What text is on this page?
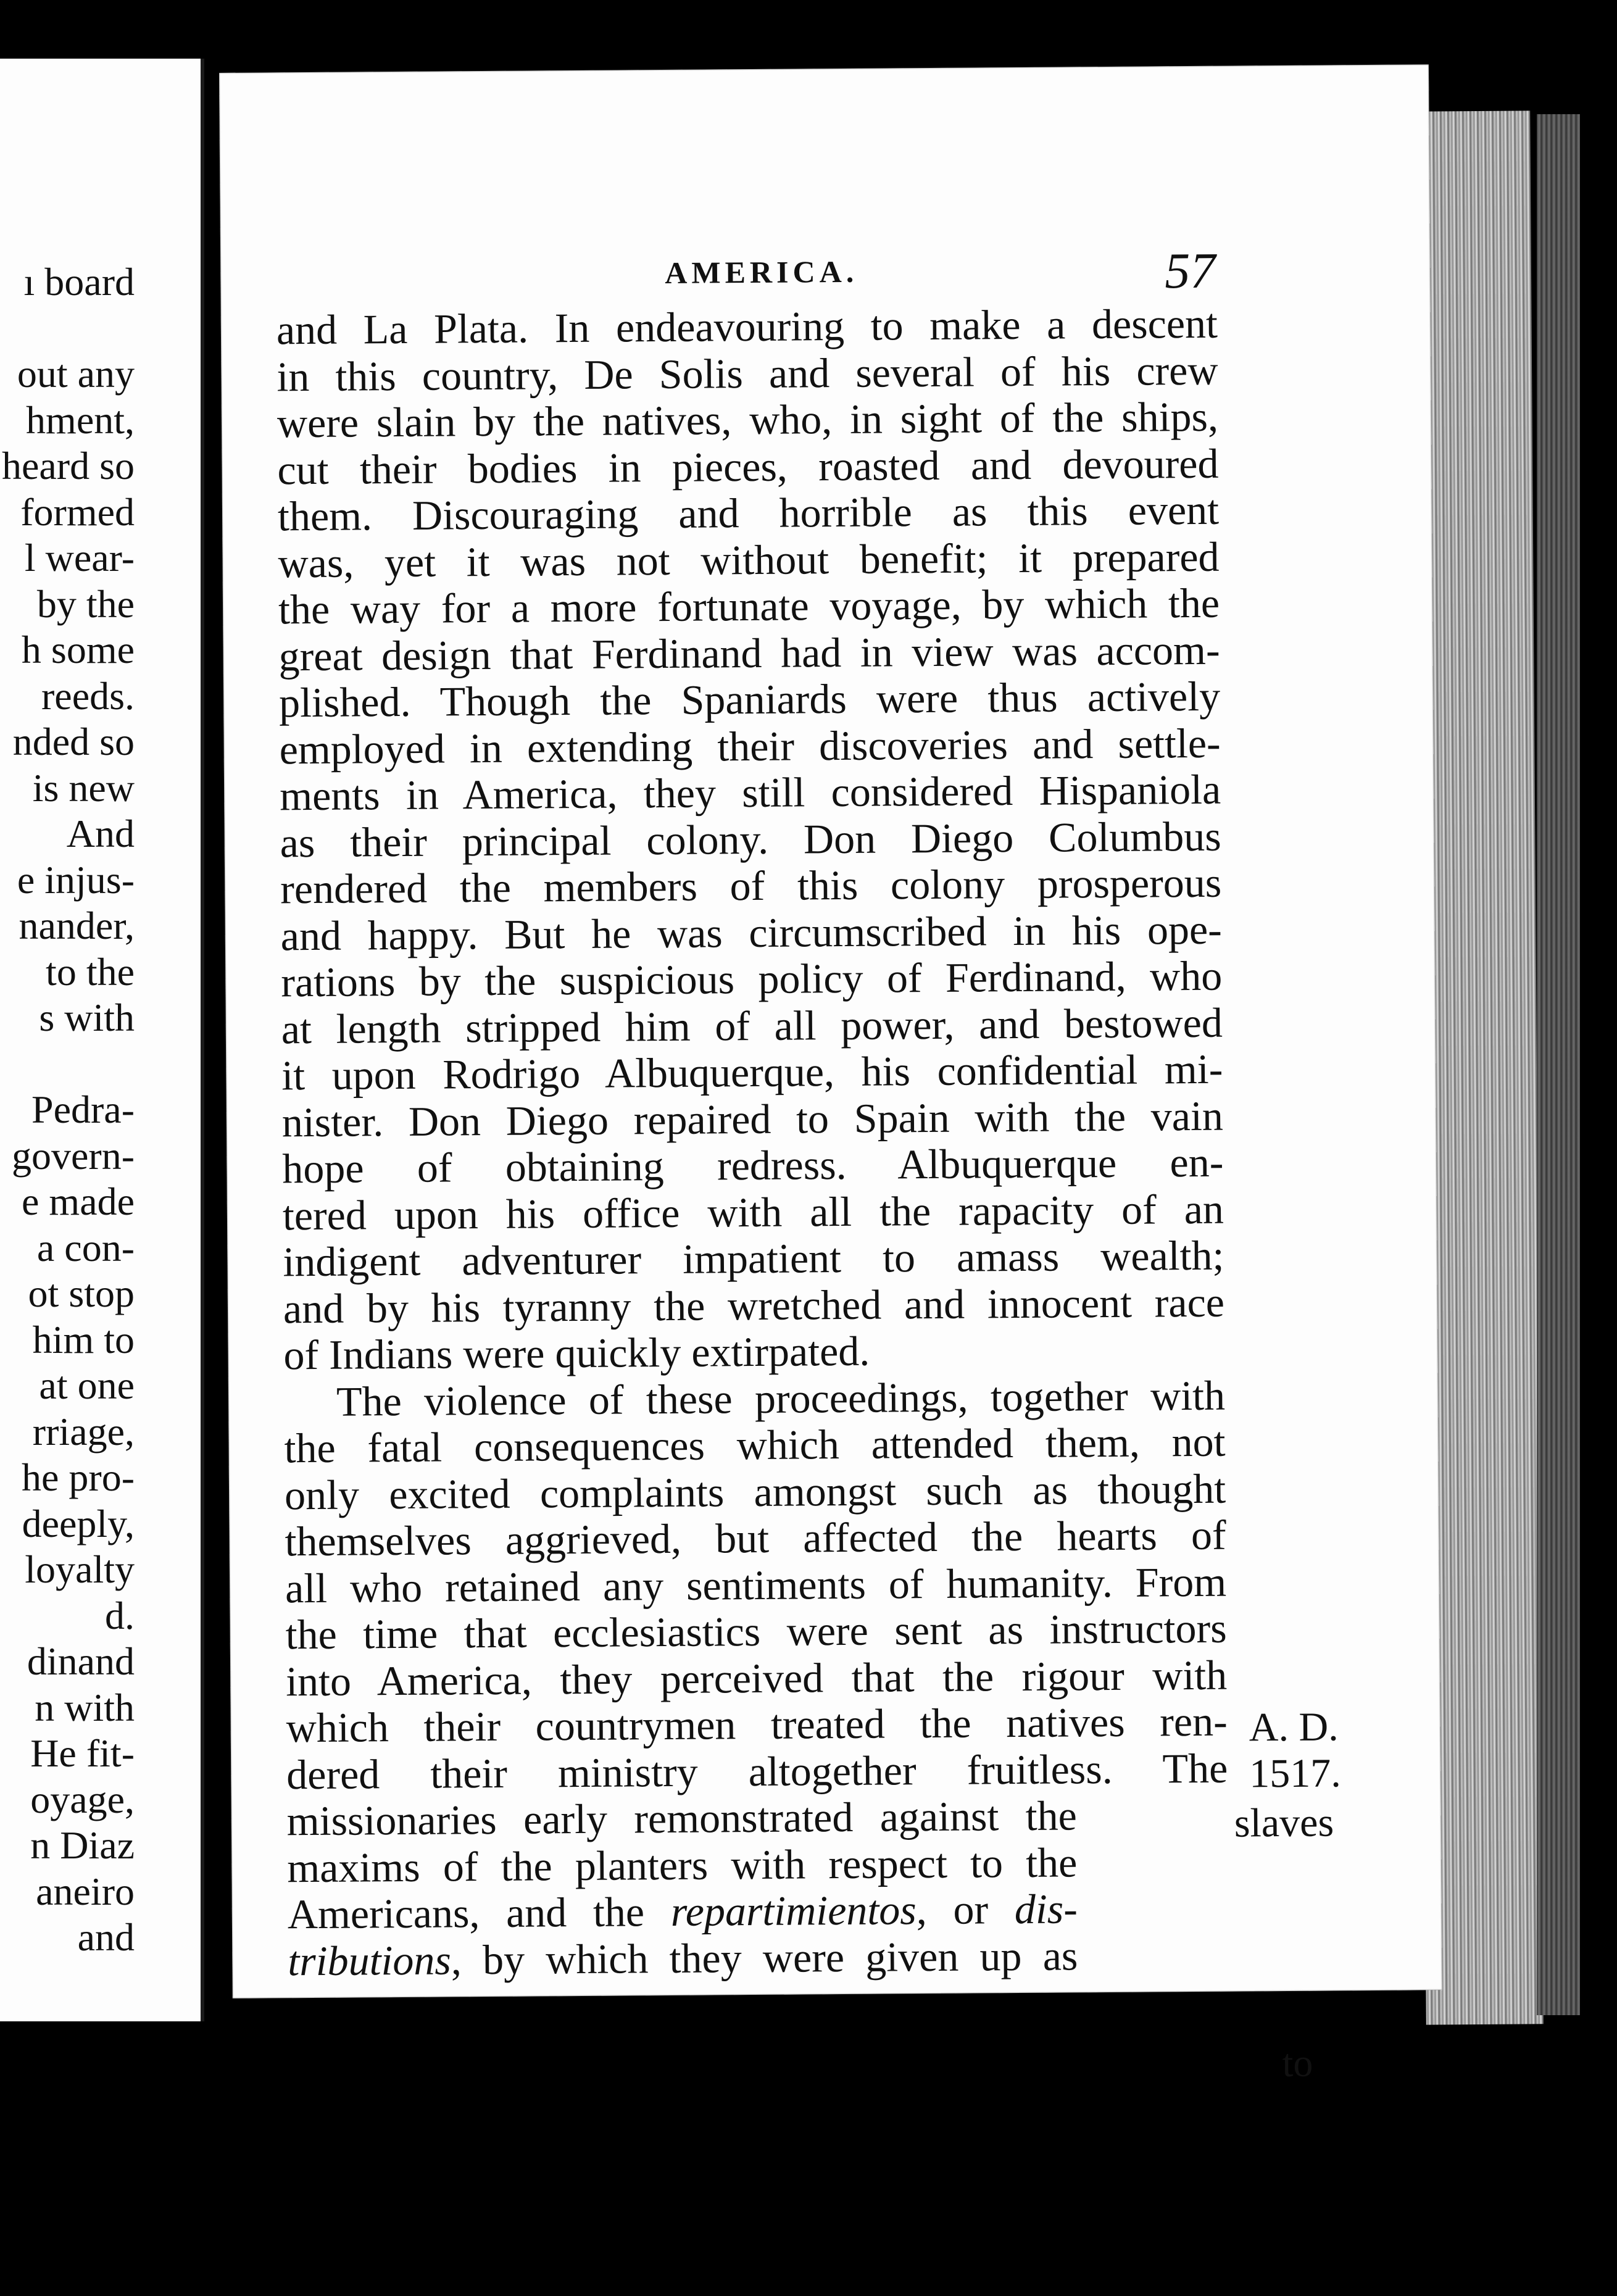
ı board
out any
hment,
heard so
formed
l wear-
by the
h some
reeds.
nded so
is new
And
e injus-
nander,
to the
s with
Pedra-
govern-
e made
a con-
ot stop
him to
at one
rriage,
he pro-
deeply,
loyalty
d.
dinand
n with
He fit-
oyage,
n Diaz
aneiro
and
AMERICA.	57
and La Plata. In endeavouring to make a descent
in this country, De Solis and several of his crew
were slain by the natives, who, in sight of the ships,
cut their bodies in pieces, roasted and devoured
them. Discouraging and horrible as this event
was, yet it was not without benefit; it prepared
the way for a more fortunate voyage, by which the
great design that Ferdinand had in view was accom-
plished. Though the Spaniards were thus actively
employed in extending their discoveries and settle-
ments in America, they still considered Hispaniola
as their principal colony. Don Diego Columbus
rendered the members of this colony prosperous
and happy. But he was circumscribed in his ope-
rations by the suspicious policy of Ferdinand, who
at length stripped him of all power, and bestowed
it upon Rodrigo Albuquerque, his confidential mi-
nister. Don Diego repaired to Spain with the vain
hope of obtaining redress. Albuquerque en-
tered upon his office with all the rapacity of an
indigent adventurer impatient to amass wealth;
and by his tyranny the wretched and innocent race
of Indians were quickly extirpated.
The violence of these proceedings, together with
the fatal consequences which attended them, not
only excited complaints amongst such as thought
themselves aggrieved, but affected the hearts of
all who retained any sentiments of humanity. From
the time that ecclesiastics were sent as instructors
into America, they perceived that the rigour with
which their countrymen treated the natives ren-
dered their ministry altogether fruitless. The
missionaries early remonstrated against the
maxims of the planters with respect to the
Americans, and the repartimientos, or dis-
tributions, by which they were given up as
A. D.
1517.
slaves
to
